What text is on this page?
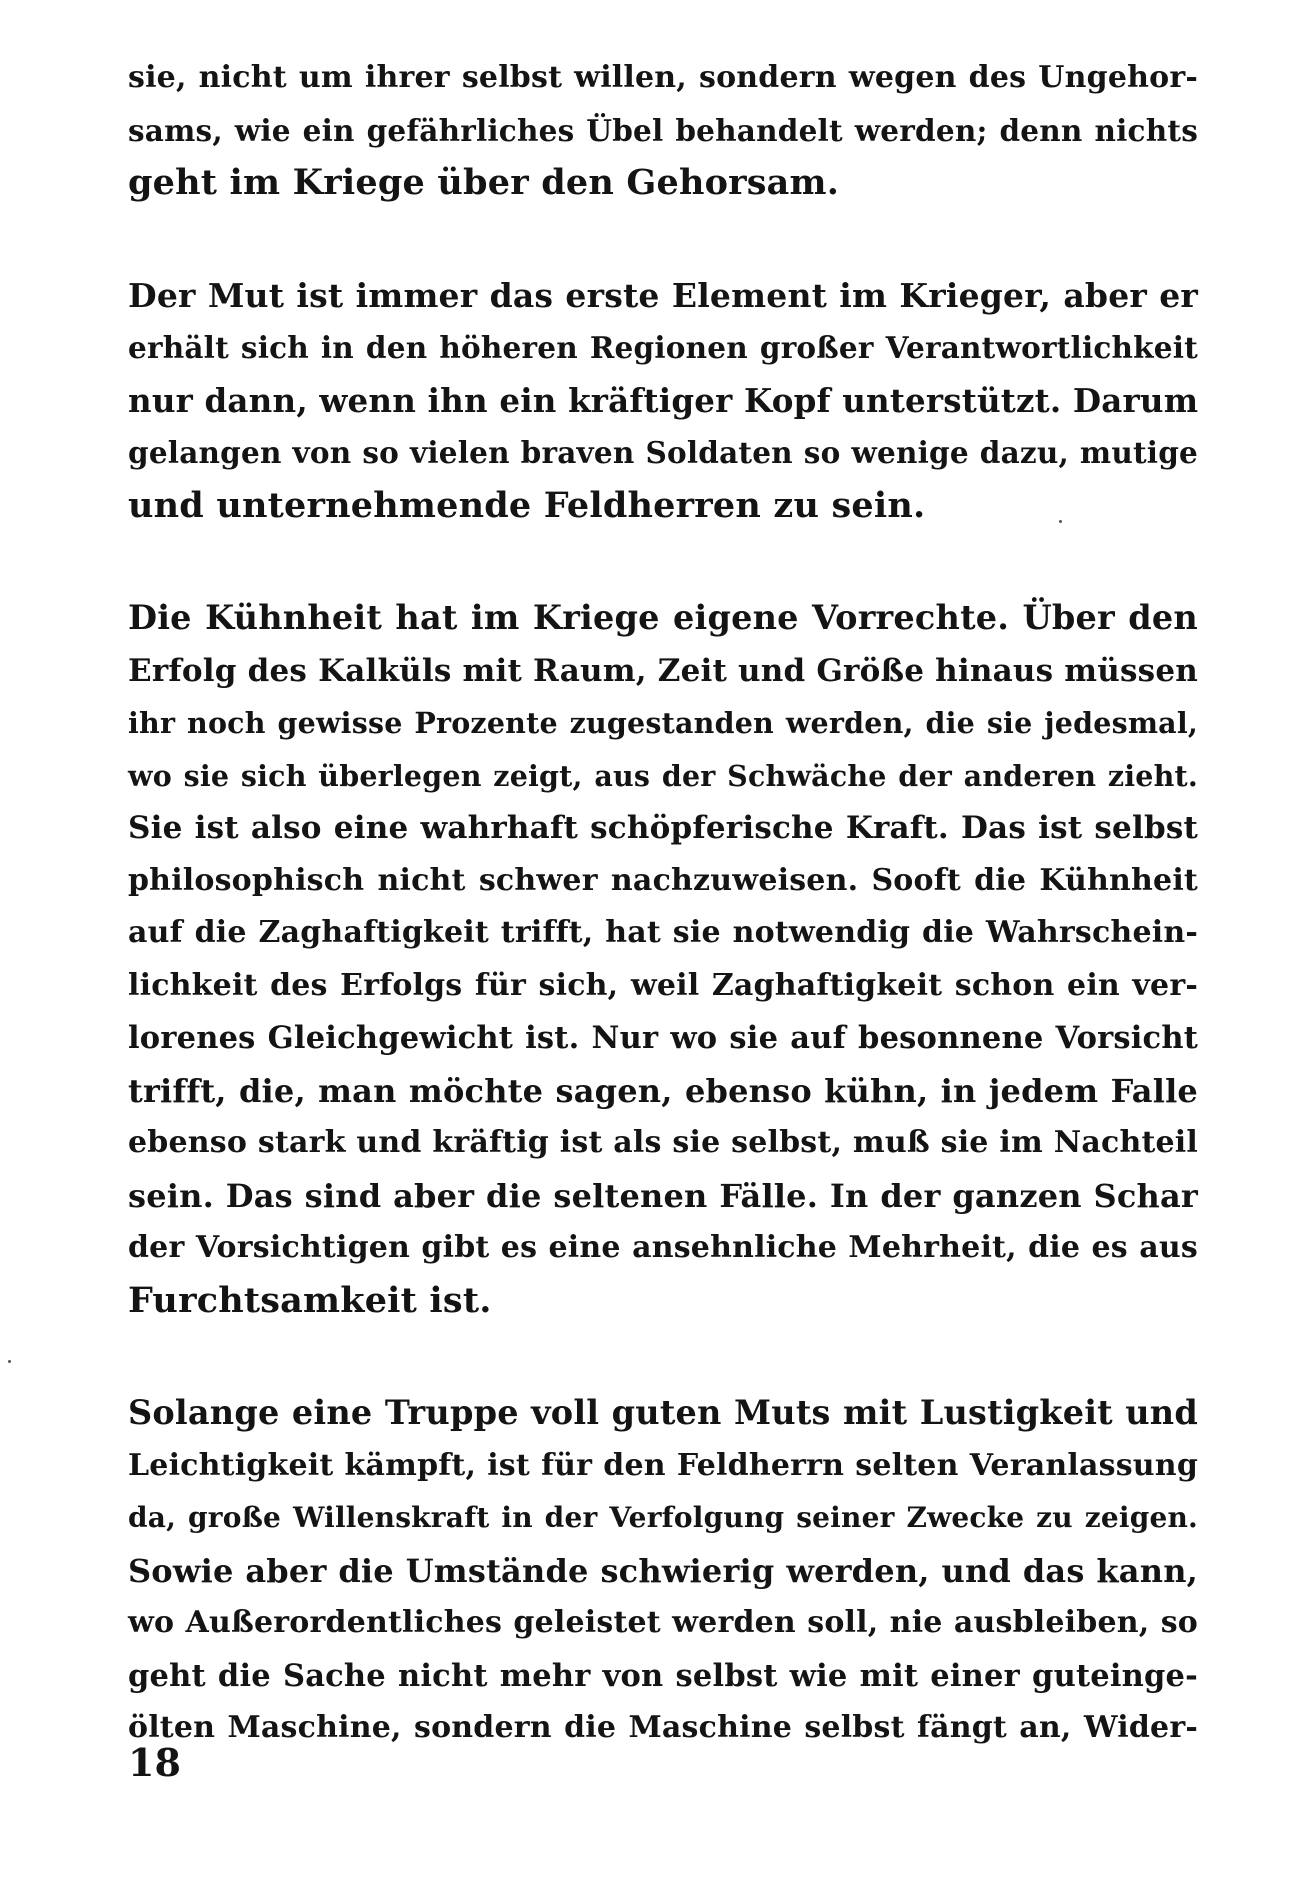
sie, nicht um ihrer selbst willen, sondern wegen des Ungehor-
sams, wie ein gefährliches Übel behandelt werden; denn nichts
geht im Kriege über den Gehorsam.

Der Mut ist immer das erste Element im Krieger, aber er
erhält sich in den höheren Regionen großer Verantwortlichkeit
nur dann, wenn ihn ein kräftiger Kopf unterstützt. Darum
gelangen von so vielen braven Soldaten so wenige dazu, mutige
und unternehmende Feldherren zu sein.

Die Kühnheit hat im Kriege eigene Vorrechte. Über den
Erfolg des Kalküls mit Raum, Zeit und Größe hinaus müssen
ihr noch gewisse Prozente zugestanden werden, die sie jedesmal,
wo sie sich überlegen zeigt, aus der Schwäche der anderen zieht.
Sie ist also eine wahrhaft schöpferische Kraft. Das ist selbst
philosophisch nicht schwer nachzuweisen. Sooft die Kühnheit
auf die Zaghaftigkeit trifft, hat sie notwendig die Wahrschein-
lichkeit des Erfolgs für sich, weil Zaghaftigkeit schon ein ver-
lorenes Gleichgewicht ist. Nur wo sie auf besonnene Vorsicht
trifft, die, man möchte sagen, ebenso kühn, in jedem Falle
ebenso stark und kräftig ist als sie selbst, muß sie im Nachteil
sein. Das sind aber die seltenen Fälle. In der ganzen Schar
der Vorsichtigen gibt es eine ansehnliche Mehrheit, die es aus
Furchtsamkeit ist.

Solange eine Truppe voll guten Muts mit Lustigkeit und
Leichtigkeit kämpft, ist für den Feldherrn selten Veranlassung
da, große Willenskraft in der Verfolgung seiner Zwecke zu zeigen.
Sowie aber die Umstände schwierig werden, und das kann,
wo Außerordentliches geleistet werden soll, nie ausbleiben, so
geht die Sache nicht mehr von selbst wie mit einer guteinge-
ölten Maschine, sondern die Maschine selbst fängt an, Wider-

18
